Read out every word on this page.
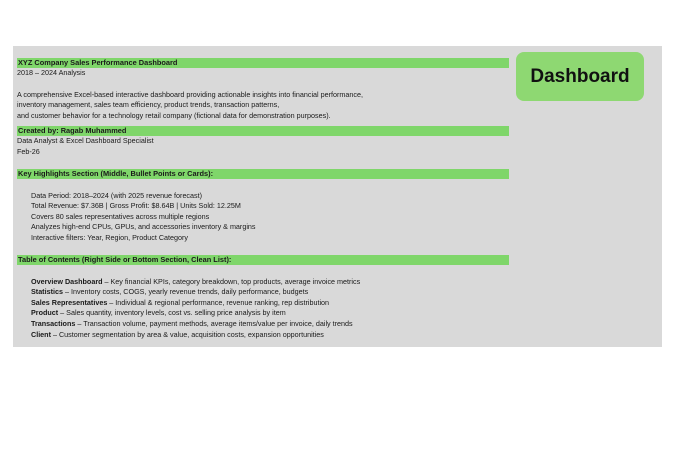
XYZ Company Sales Performance Dashboard
2018 – 2024 Analysis
A comprehensive Excel-based interactive dashboard providing actionable insights into financial performance,
inventory management, sales team efficiency, product trends, transaction patterns,
and customer behavior for a technology retail company (fictional data for demonstration purposes).
Created by: Ragab Muhammed
Data Analyst & Excel Dashboard Specialist
Feb-26
Key Highlights Section (Middle, Bullet Points or Cards):
Data Period: 2018–2024 (with 2025 revenue forecast)
Total Revenue: $7.36B | Gross Profit: $8.64B | Units Sold: 12.25M
Covers 80 sales representatives across multiple regions
Analyzes high-end CPUs, GPUs, and accessories inventory & margins
Interactive filters: Year, Region, Product Category
Table of Contents (Right Side or Bottom Section, Clean List):
Overview Dashboard – Key financial KPIs, category breakdown, top products, average invoice metrics
Statistics – Inventory costs, COGS, yearly revenue trends, daily performance, budgets
Sales Representatives – Individual & regional performance, revenue ranking, rep distribution
Product – Sales quantity, inventory levels, cost vs. selling price analysis by item
Transactions – Transaction volume, payment methods, average items/value per invoice, daily trends
Client – Customer segmentation by area & value, acquisition costs, expansion opportunities
Dashboard
